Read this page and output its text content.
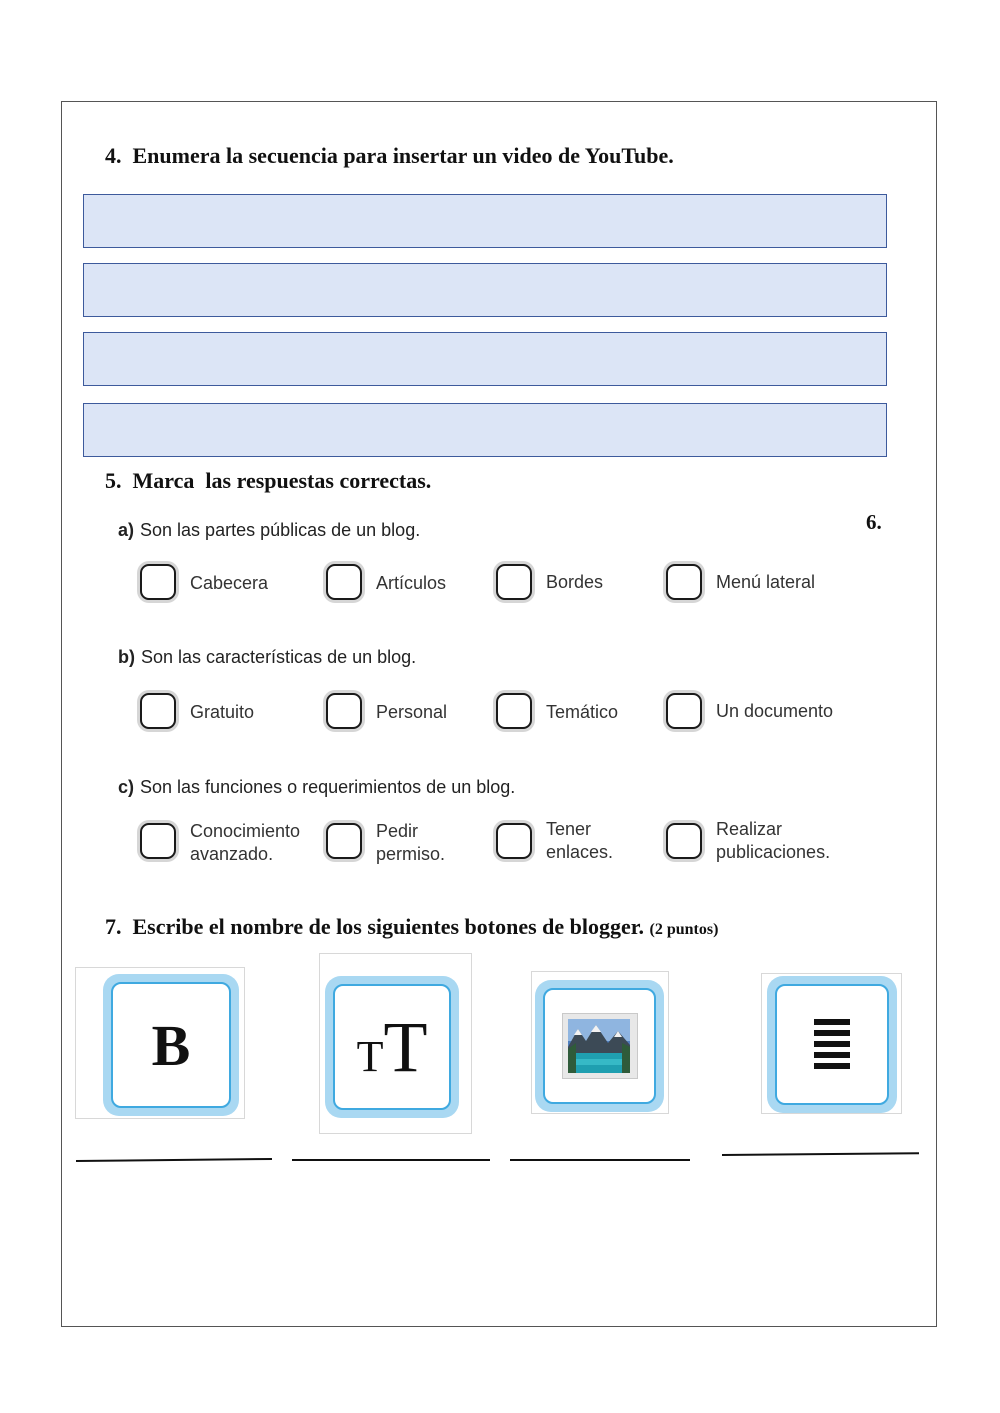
4. Enumera la secuencia para insertar un video de YouTube.
5. Marca  las respuestas correctas.
6.
a) Son las partes públicas de un blog.
Cabecera	Artículos	Bordes	Menú lateral
b) Son las características de un blog.
Gratuito	Personal	Temático	Un documento
c) Son las funciones o requerimientos de un blog.
Conocimiento
avanzado.
Pedir
permiso.
Tener
enlaces.
Realizar
publicaciones.
7. Escribe el nombre de los siguientes botones de blogger. (2 puntos)
B	TT
